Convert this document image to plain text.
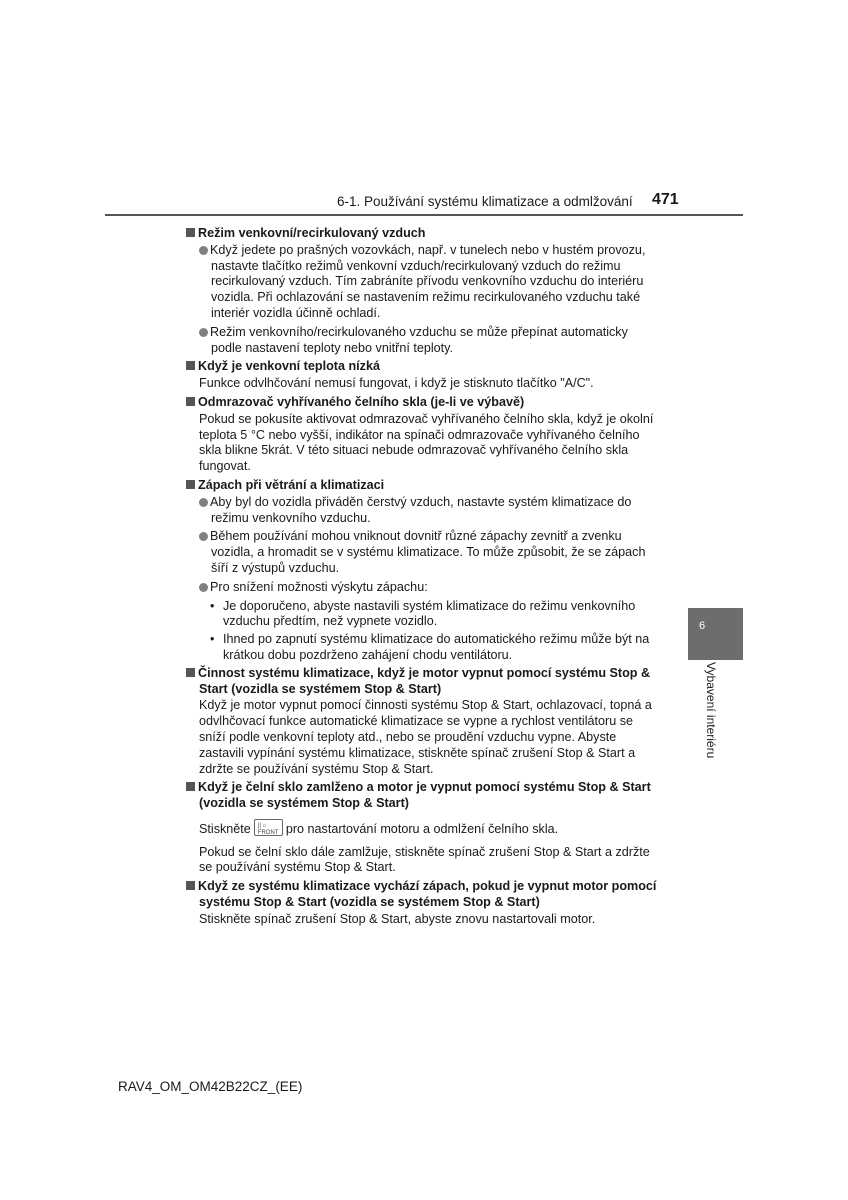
6-1. Používání systému klimatizace a odmlžování 471
Režim venkovní/recirkulovaný vzduch
Když jedete po prašných vozovkách, např. v tunelech nebo v hustém provozu, nastavte tlačítko režimů venkovní vzduch/recirkulovaný vzduch do režimu recirkulovaný vzduch. Tím zabráníte přívodu venkovního vzduchu do interiéru vozidla. Při ochlazování se nastavením režimu recirkulovaného vzduchu také interiér vozidla účinně ochladí.
Režim venkovního/recirkulovaného vzduchu se může přepínat automaticky podle nastavení teploty nebo vnitřní teploty.
Když je venkovní teplota nízká
Funkce odvlhčování nemusí fungovat, i když je stisknuto tlačítko "A/C".
Odmrazovač vyhřívaného čelního skla (je-li ve výbavě)
Pokud se pokusíte aktivovat odmrazovač vyhřívaného čelního skla, když je okolní teplota 5 °C nebo vyšší, indikátor na spínači odmrazovače vyhřívaného čelního skla blikne 5krát. V této situaci nebude odmrazovač vyhřívaného čelního skla fungovat.
Zápach při větrání a klimatizaci
Aby byl do vozidla přiváděn čerstvý vzduch, nastavte systém klimatizace do režimu venkovního vzduchu.
Během používání mohou vniknout dovnitř různé zápachy zevnitř a zvenku vozidla, a hromadit se v systému klimatizace. To může způsobit, že se zápach šíří z výstupů vzduchu.
Pro snížení možnosti výskytu zápachu:
• Je doporučeno, abyste nastavili systém klimatizace do režimu venkovního vzduchu předtím, než vypnete vozidlo.
• Ihned po zapnutí systému klimatizace do automatického režimu může být na krátkou dobu pozdrženo zahájení chodu ventilátoru.
Činnost systému klimatizace, když je motor vypnut pomocí systému Stop & Start (vozidla se systémem Stop & Start)
Když je motor vypnut pomocí činnosti systému Stop & Start, ochlazovací, topná a odvlhčovací funkce automatické klimatizace se vypne a rychlost ventilátoru se sníží podle venkovní teploty atd., nebo se proudění vzduchu vypne. Abyste zastavili vypínání systému klimatizace, stiskněte spínač zrušení Stop & Start a zdržte se používání systému Stop & Start.
Když je čelní sklo zamlženo a motor je vypnut pomocí systému Stop & Start (vozidla se systémem Stop & Start)
Stiskněte || ⌂ FRONT pro nastartování motoru a odmlžení čelního skla.
Pokud se čelní sklo dále zamlžuje, stiskněte spínač zrušení Stop & Start a zdržte se používání systému Stop & Start.
Když ze systému klimatizace vychází zápach, pokud je vypnut motor pomocí systému Stop & Start (vozidla se systémem Stop & Start)
Stiskněte spínač zrušení Stop & Start, abyste znovu nastartovali motor.
6
Vybavení interiéru
RAV4_OM_OM42B22CZ_(EE)
